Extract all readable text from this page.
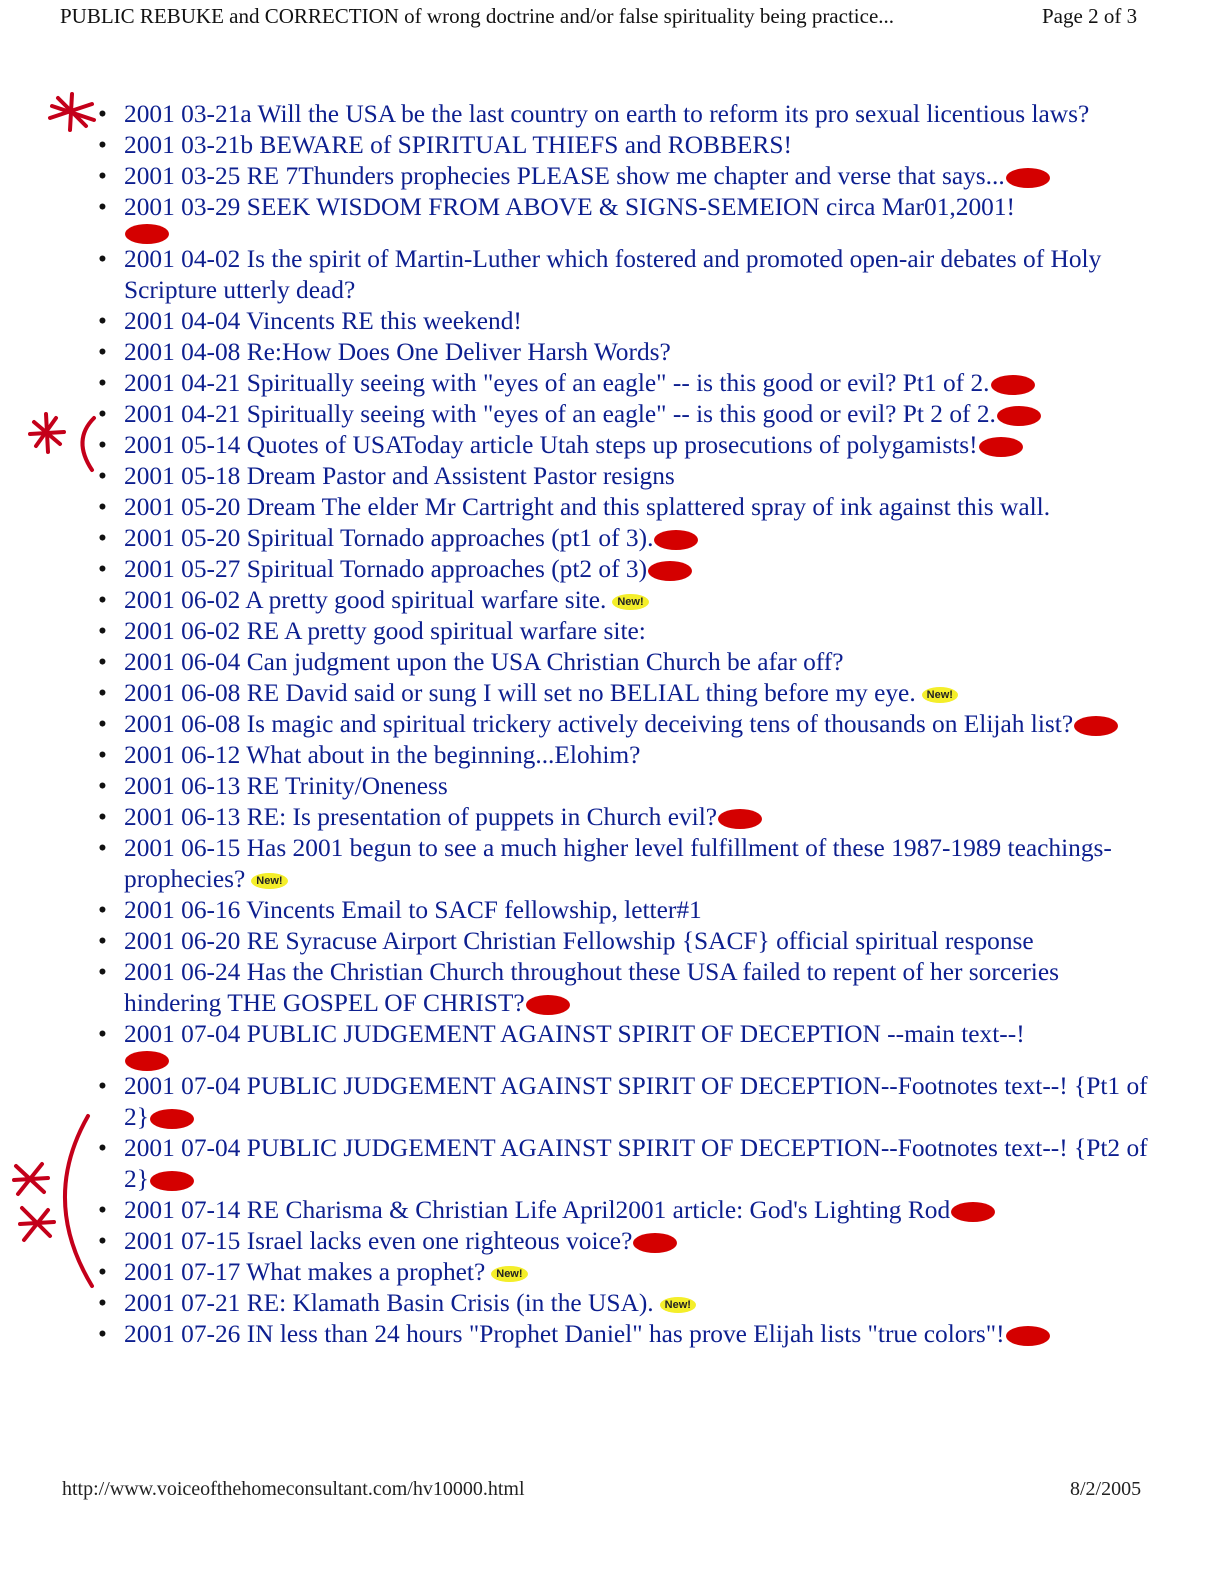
PUBLIC REBUKE and CORRECTION of wrong doctrine and/or false spirituality being practice...	Page 2 of 3
• 2001 03-21a Will the USA be the last country on earth to reform its pro sexual licentious laws?
• 2001 03-21b BEWARE of SPIRITUAL THIEFS and ROBBERS!
• 2001 03-25 RE 7Thunders prophecies PLEASE show me chapter and verse that says...
• 2001 03-29 SEEK WISDOM FROM ABOVE & SIGNS-SEMEION circa Mar01,2001!
• 2001 04-02 Is the spirit of Martin-Luther which fostered and promoted open-air debates of Holy Scripture utterly dead?
• 2001 04-04 Vincents RE this weekend!
• 2001 04-08 Re:How Does One Deliver Harsh Words?
• 2001 04-21 Spiritually seeing with "eyes of an eagle" -- is this good or evil? Pt1 of 2.
• 2001 04-21 Spiritually seeing with "eyes of an eagle" -- is this good or evil? Pt 2 of 2.
• 2001 05-14 Quotes of USAToday article Utah steps up prosecutions of polygamists!
• 2001 05-18 Dream Pastor and Assistent Pastor resigns
• 2001 05-20 Dream The elder Mr Cartright and this splattered spray of ink against this wall.
• 2001 05-20 Spiritual Tornado approaches (pt1 of 3).
• 2001 05-27 Spiritual Tornado approaches (pt2 of 3)
• 2001 06-02 A pretty good spiritual warfare site. New!
• 2001 06-02 RE A pretty good spiritual warfare site:
• 2001 06-04 Can judgment upon the USA Christian Church be afar off?
• 2001 06-08 RE David said or sung I will set no BELIAL thing before my eye. New!
• 2001 06-08 Is magic and spiritual trickery actively deceiving tens of thousands on Elijah list?
• 2001 06-12 What about in the beginning...Elohim?
• 2001 06-13 RE Trinity/Oneness
• 2001 06-13 RE: Is presentation of puppets in Church evil?
• 2001 06-15 Has 2001 begun to see a much higher level fulfillment of these 1987-1989 teachings-prophecies? New!
• 2001 06-16 Vincents Email to SACF fellowship, letter#1
• 2001 06-20 RE Syracuse Airport Christian Fellowship {SACF} official spiritual response
• 2001 06-24 Has the Christian Church throughout these USA failed to repent of her sorceries hindering THE GOSPEL OF CHRIST?
• 2001 07-04 PUBLIC JUDGEMENT AGAINST SPIRIT OF DECEPTION --main text--!
• 2001 07-04 PUBLIC JUDGEMENT AGAINST SPIRIT OF DECEPTION--Footnotes text--! {Pt1 of 2}
• 2001 07-04 PUBLIC JUDGEMENT AGAINST SPIRIT OF DECEPTION--Footnotes text--! {Pt2 of 2}
• 2001 07-14 RE Charisma & Christian Life April2001 article: God's Lighting Rod
• 2001 07-15 Israel lacks even one righteous voice?
• 2001 07-17 What makes a prophet? New!
• 2001 07-21 RE: Klamath Basin Crisis (in the USA). New!
• 2001 07-26 IN less than 24 hours "Prophet Daniel" has prove Elijah lists "true colors"!
http://www.voiceofthehomeconsultant.com/hv10000.html	8/2/2005
